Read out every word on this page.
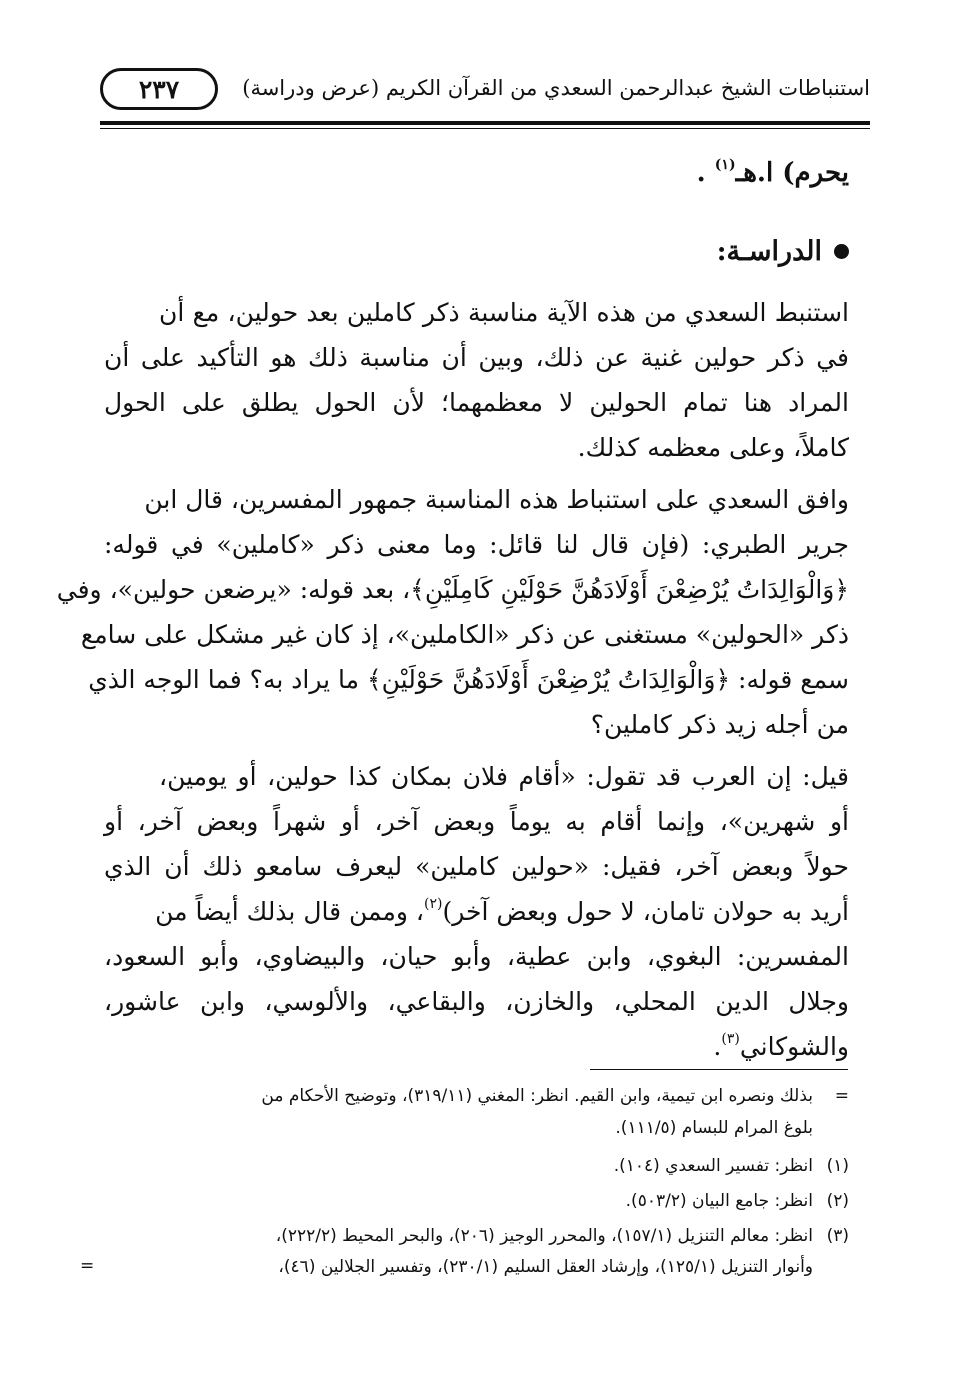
استنباطات الشيخ عبدالرحمن السعدي من القرآن الكريم (عرض ودراسة)
٢٣٧
يحرم) ا.هـ$^{(١)}$ .
الدراسـة:
استنبط السعدي من هذه الآية مناسبة ذكر كاملين بعد حولين، مع أن
في ذكر حولين غنية عن ذلك، وبين أن مناسبة ذلك هو التأكيد على أن
المراد هنا تمام الحولين لا معظمهما؛ لأن الحول يطلق على الحول
كاملاً، وعلى معظمه كذلك.
وافق السعدي على استنباط هذه المناسبة جمهور المفسرين، قال ابن
جرير الطبري: (فإن قال لنا قائل: وما معنى ذكر «كاملين» في قوله:
﴿وَالْوَالِدَاتُ يُرْضِعْنَ أَوْلَادَهُنَّ حَوْلَيْنِ كَامِلَيْنِ﴾، بعد قوله: «يرضعن حولين»، وفي
ذكر «الحولين» مستغنى عن ذكر «الكاملين»، إذ كان غير مشكل على سامع
سمع قوله: ﴿وَالْوَالِدَاتُ يُرْضِعْنَ أَوْلَادَهُنَّ حَوْلَيْنِ﴾ ما يراد به؟ فما الوجه الذي
من أجله زيد ذكر كاملين؟
قيل: إن العرب قد تقول: «أقام فلان بمكان كذا حولين، أو يومين،
أو شهرين»، وإنما أقام به يوماً وبعض آخر، أو شهراً وبعض آخر، أو
حولاً وبعض آخر، فقيل: «حولين كاملين» ليعرف سامعو ذلك أن الذي
أريد به حولان تامان، لا حول وبعض آخر)$^{(٢)}$، وممن قال بذلك أيضاً من
المفسرين: البغوي، وابن عطية، وأبو حيان، والبيضاوي، وأبو السعود،
وجلال الدين المحلي، والخازن، والبقاعي، والألوسي، وابن عاشور،
والشوكاني$^{(٣)}$.
=بذلك ونصره ابن تيمية، وابن القيم. انظر: المغني (٣١٩/١١)، وتوضيح الأحكام من
بلوغ المرام للبسام (١١١/٥).
(١)انظر: تفسير السعدي (١٠٤).
(٢)انظر: جامع البيان (٥٠٣/٢).
(٣)انظر: معالم التنزيل (١٥٧/١)، والمحرر الوجيز (٢٠٦)، والبحر المحيط (٢٢٢/٢)،
وأنوار التنزيل (١٢٥/١)، وإرشاد العقل السليم (٢٣٠/١)، وتفسير الجلالين (٤٦)،
=
